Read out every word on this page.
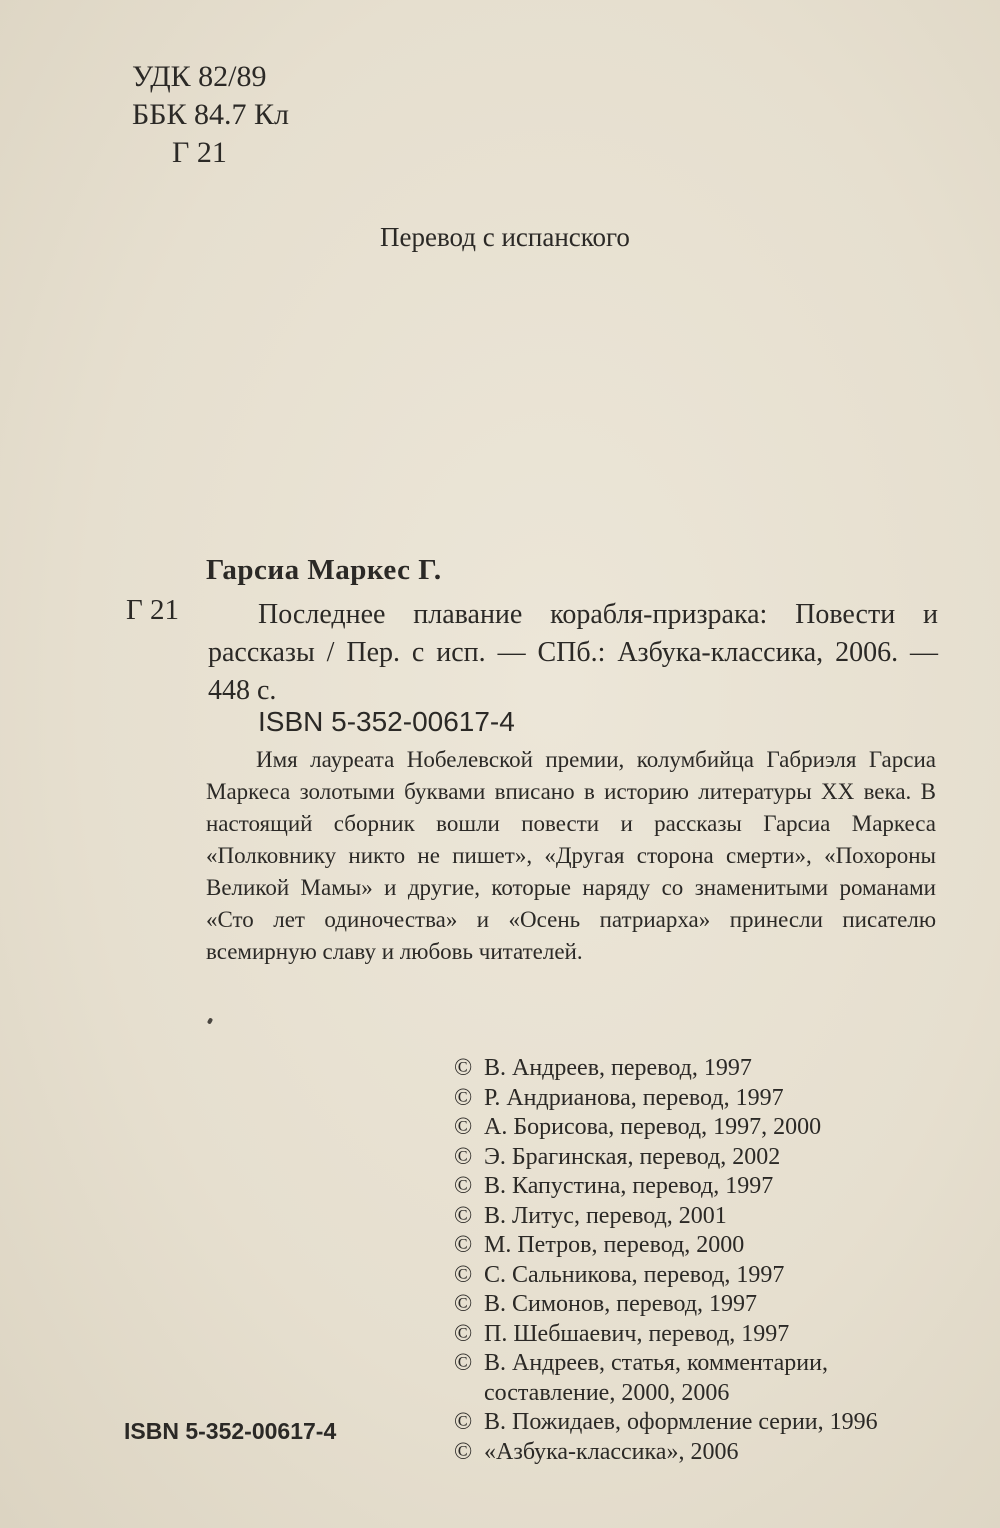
УДК 82/89
ББК 84.7 Кл
Г 21
Перевод с испанского
Гарсиа Маркес Г.
Г 21	Последнее плавание корабля-призрака: Повести и рассказы / Пер. с исп. — СПб.: Азбука-классика, 2006. — 448 с.
ISBN 5-352-00617-4
Имя лауреата Нобелевской премии, колумбийца Габриэля Гарсиа Маркеса золотыми буквами вписано в историю литературы XX века. В настоящий сборник вошли повести и рассказы Гарсиа Маркеса «Полковнику никто не пишет», «Другая сторона смерти», «Похороны Великой Мамы» и другие, которые наряду со знаменитыми романами «Сто лет одиночества» и «Осень патриарха» принесли писателю всемирную славу и любовь читателей.
© В. Андреев, перевод, 1997
© Р. Андрианова, перевод, 1997
© А. Борисова, перевод, 1997, 2000
© Э. Брагинская, перевод, 2002
© В. Капустина, перевод, 1997
© В. Литус, перевод, 2001
© М. Петров, перевод, 2000
© С. Сальникова, перевод, 1997
© В. Симонов, перевод, 1997
© П. Шебшаевич, перевод, 1997
© В. Андреев, статья, комментарии,
составление, 2000, 2006
© В. Пожидаев, оформление серии, 1996
© «Азбука-классика», 2006
ISBN 5-352-00617-4
